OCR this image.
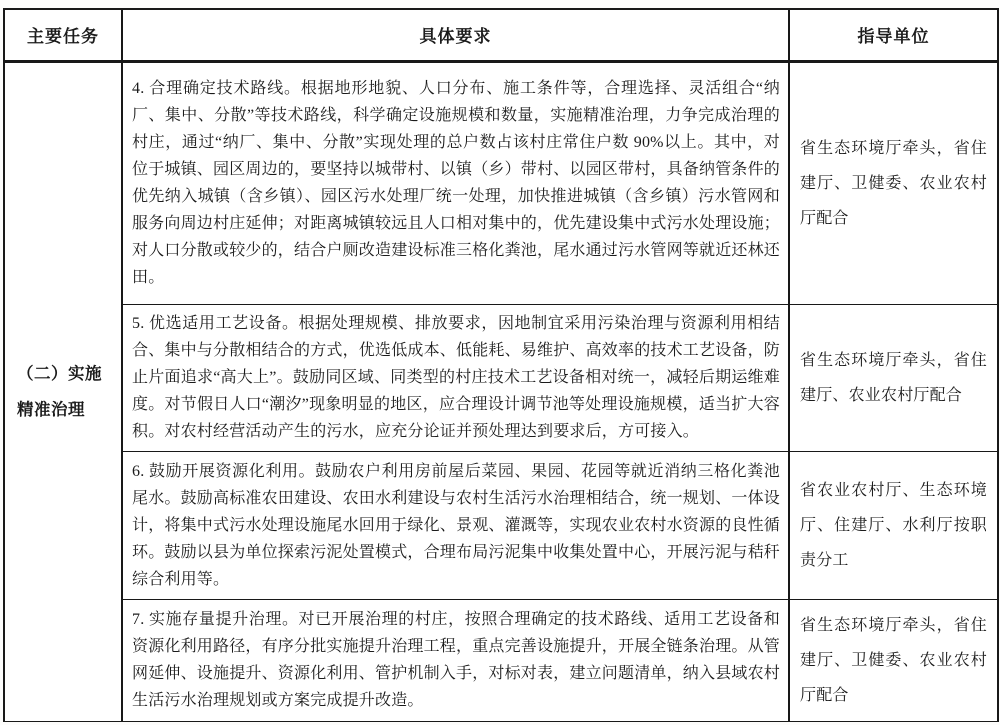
主要任务	具体要求	指导单位
（二）实施精准治理	4. 合理确定技术路线。根据地形地貌、人口分布、施工条件等，合理选择、灵活组合“纳厂、集中、分散”等技术路线，科学确定设施规模和数量，实施精准治理，力争完成治理的村庄，通过“纳厂、集中、分散”实现处理的总户数占该村庄常住户数 90%以上。其中，对位于城镇、园区周边的，要坚持以城带村、以镇（乡）带村、以园区带村，具备纳管条件的优先纳入城镇（含乡镇）、园区污水处理厂统一处理，加快推进城镇（含乡镇）污水管网和服务向周边村庄延伸；对距离城镇较远且人口相对集中的，优先建设集中式污水处理设施；对人口分散或较少的，结合户厕改造建设标准三格化粪池，尾水通过污水管网等就近还林还田。	省生态环境厅牵头，省住建厅、卫健委、农业农村厅配合
	5. 优选适用工艺设备。根据处理规模、排放要求，因地制宜采用污染治理与资源利用相结合、集中与分散相结合的方式，优选低成本、低能耗、易维护、高效率的技术工艺设备，防止片面追求“高大上”。鼓励同区域、同类型的村庄技术工艺设备相对统一，减轻后期运维难度。对节假日人口“潮汐”现象明显的地区，应合理设计调节池等处理设施规模，适当扩大容积。对农村经营活动产生的污水，应充分论证并预处理达到要求后，方可接入。	省生态环境厅牵头，省住建厅、农业农村厅配合
	6. 鼓励开展资源化利用。鼓励农户利用房前屋后菜园、果园、花园等就近消纳三格化粪池尾水。鼓励高标准农田建设、农田水利建设与农村生活污水治理相结合，统一规划、一体设计，将集中式污水处理设施尾水回用于绿化、景观、灌溉等，实现农业农村水资源的良性循环。鼓励以县为单位探索污泥处置模式，合理布局污泥集中收集处置中心，开展污泥与秸秆综合利用等。	省农业农村厅、生态环境厅、住建厅、水利厅按职责分工
	7. 实施存量提升治理。对已开展治理的村庄，按照合理确定的技术路线、适用工艺设备和资源化利用路径，有序分批实施提升治理工程，重点完善设施提升，开展全链条治理。从管网延伸、设施提升、资源化利用、管护机制入手，对标对表，建立问题清单，纳入县域农村生活污水治理规划或方案完成提升改造。	省生态环境厅牵头，省住建厅、卫健委、农业农村厅配合
